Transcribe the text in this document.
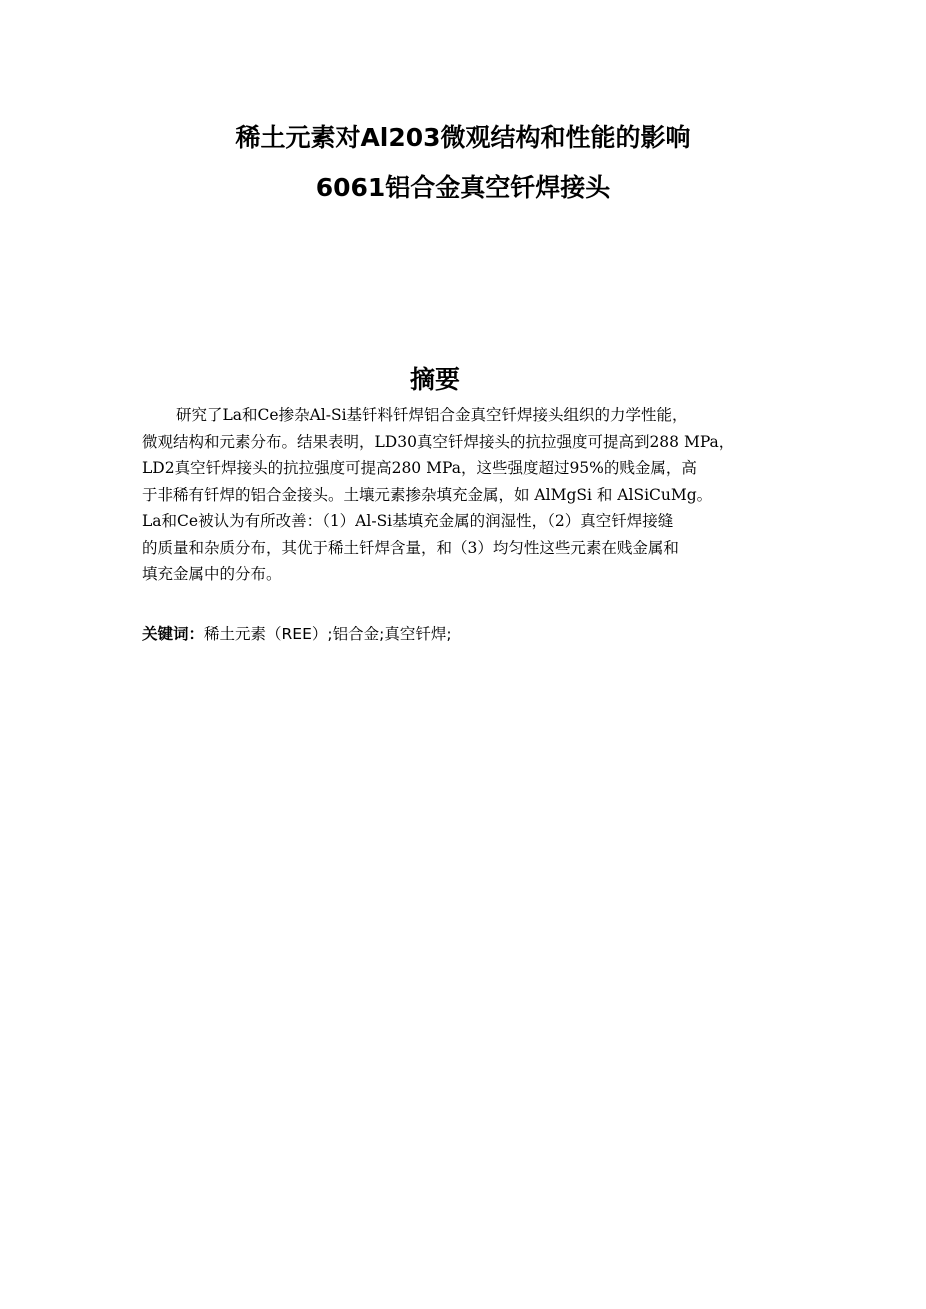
稀土元素对Al203微观结构和性能的影响
6061铝合金真空钎焊接头
摘要
研究了La和Ce掺杂Al-Si基钎料钎焊铝合金真空钎焊接头组织的力学性能，
微观结构和元素分布。结果表明，LD30真空钎焊接头的抗拉强度可提高到288 MPa，
LD2真空钎焊接头的抗拉强度可提高280 MPa，这些强度超过95%的贱金属，高
于非稀有钎焊的铝合金接头。土壤元素掺杂填充金属，如 AlMgSi 和 AlSiCuMg。
La和Ce被认为有所改善：（1）Al-Si基填充金属的润湿性，（2）真空钎焊接缝
的质量和杂质分布，其优于稀土钎焊含量，和（3）均匀性这些元素在贱金属和
填充金属中的分布。
关键词：稀土元素（REE）;铝合金;真空钎焊;
